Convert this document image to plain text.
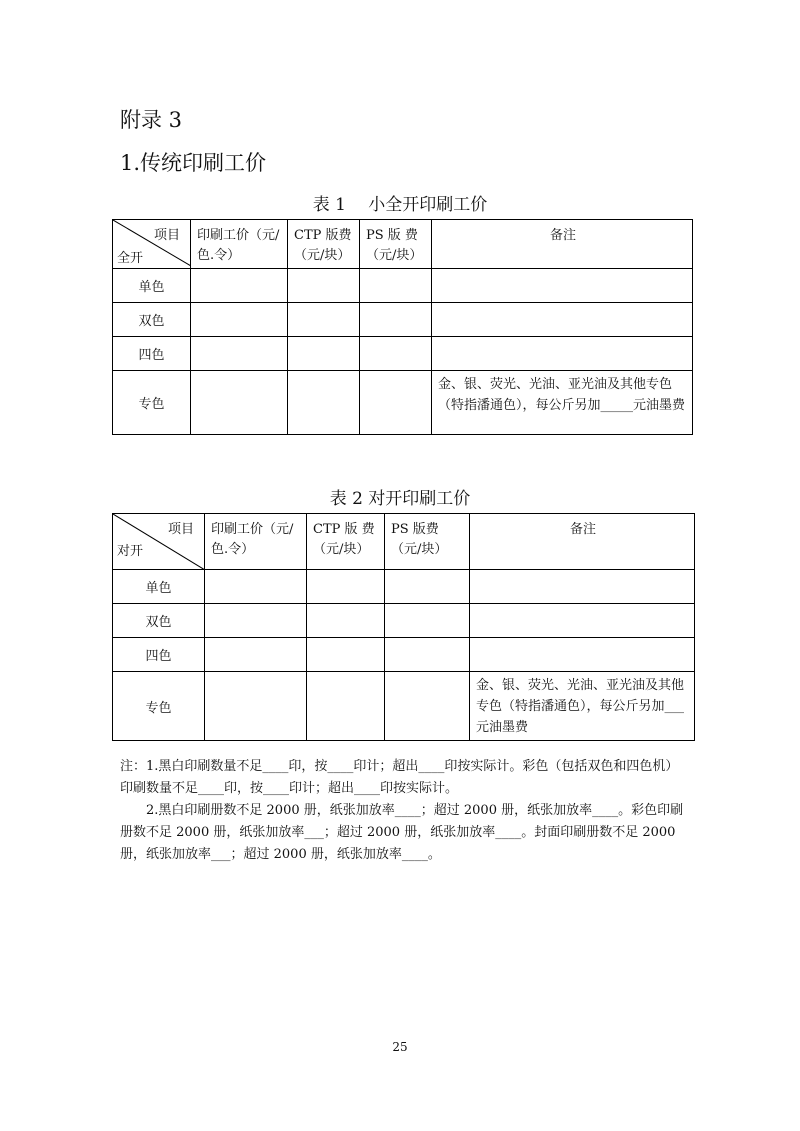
附录 3
1.传统印刷工价
表 1　 小全开印刷工价
项目
全开	印刷工价（元/色.令）	CTP 版费（元/块）	PS 版 费（元/块）	备注
单色				
双色				
四色				
专色				金、银、荧光、光油、亚光油及其他专色（特指潘通色），每公斤另加_____元油墨费
表 2 对开印刷工价
项目
对开	印刷工价（元/色.令）	CTP 版 费（元/块）	PS 版费（元/块）	备注
单色				
双色				
四色				
专色				金、银、荧光、光油、亚光油及其他专色（特指潘通色），每公斤另加___ 元油墨费

注：1.黑白印刷数量不足____印，按____印计；超出____印按实际计。彩色（包括双色和四色机）印刷数量不足____印，按____印计；超出____印按实际计。

2.黑白印刷册数不足 2000 册，纸张加放率____；超过 2000 册，纸张加放率____。彩色印刷册数不足 2000 册，纸张加放率___；超过 2000 册，纸张加放率____。封面印刷册数不足 2000 册，纸张加放率___；超过 2000 册，纸张加放率____。

25
